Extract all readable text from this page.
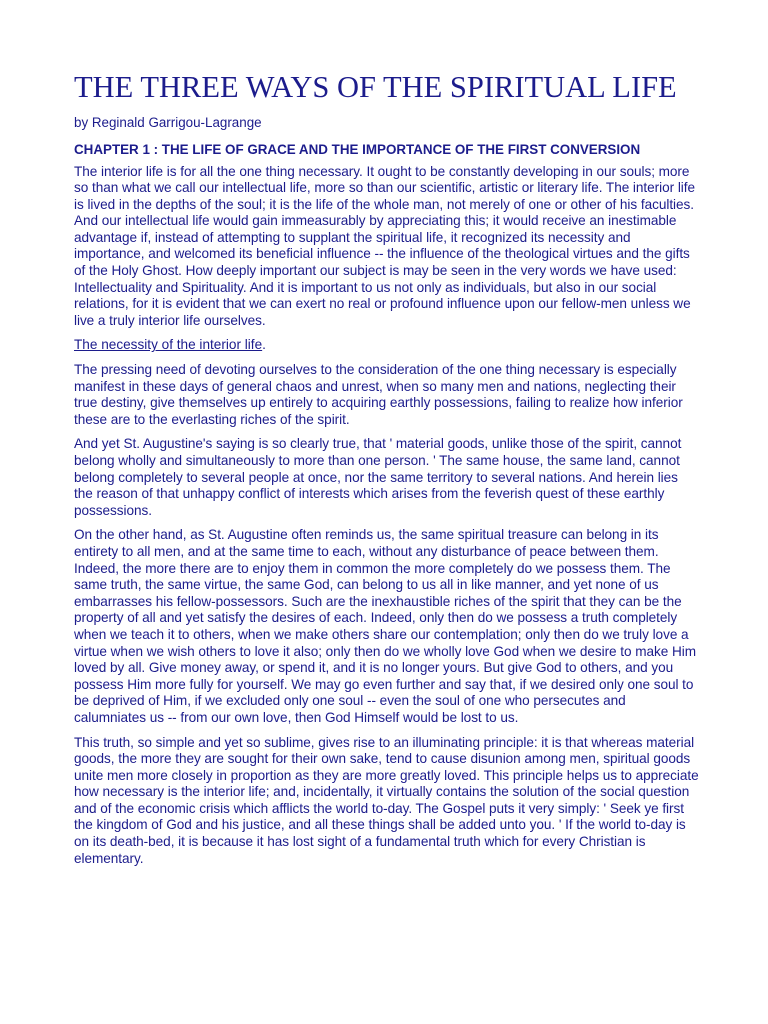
THE THREE WAYS OF THE SPIRITUAL LIFE

by Reginald Garrigou-Lagrange

CHAPTER 1 : THE LIFE OF GRACE AND THE IMPORTANCE OF THE FIRST CONVERSION

The interior life is for all the one thing necessary. It ought to be constantly developing in our souls; more so than what we call our intellectual life, more so than our scientific, artistic or literary life. The interior life is lived in the depths of the soul; it is the life of the whole man, not merely of one or other of his faculties. And our intellectual life would gain immeasurably by appreciating this; it would receive an inestimable advantage if, instead of attempting to supplant the spiritual life, it recognized its necessity and importance, and welcomed its beneficial influence -- the influence of the theological virtues and the gifts of the Holy Ghost. How deeply important our subject is may be seen in the very words we have used: Intellectuality and Spirituality. And it is important to us not only as individuals, but also in our social relations, for it is evident that we can exert no real or profound influence upon our fellow-men unless we live a truly interior life ourselves.

The necessity of the interior life.

The pressing need of devoting ourselves to the consideration of the one thing necessary is especially manifest in these days of general chaos and unrest, when so many men and nations, neglecting their true destiny, give themselves up entirely to acquiring earthly possessions, failing to realize how inferior these are to the everlasting riches of the spirit.

And yet St. Augustine's saying is so clearly true, that ' material goods, unlike those of the spirit, cannot belong wholly and simultaneously to more than one person. ' The same house, the same land, cannot belong completely to several people at once, nor the same territory to several nations. And herein lies the reason of that unhappy conflict of interests which arises from the feverish quest of these earthly possessions.

On the other hand, as St. Augustine often reminds us, the same spiritual treasure can belong in its entirety to all men, and at the same time to each, without any disturbance of peace between them. Indeed, the more there are to enjoy them in common the more completely do we possess them. The same truth, the same virtue, the same God, can belong to us all in like manner, and yet none of us embarrasses his fellow-possessors. Such are the inexhaustible riches of the spirit that they can be the property of all and yet satisfy the desires of each. Indeed, only then do we possess a truth completely when we teach it to others, when we make others share our contemplation; only then do we truly love a virtue when we wish others to love it also; only then do we wholly love God when we desire to make Him loved by all. Give money away, or spend it, and it is no longer yours. But give God to others, and you possess Him more fully for yourself. We may go even further and say that, if we desired only one soul to be deprived of Him, if we excluded only one soul -- even the soul of one who persecutes and calumniates us -- from our own love, then God Himself would be lost to us.

This truth, so simple and yet so sublime, gives rise to an illuminating principle: it is that whereas material goods, the more they are sought for their own sake, tend to cause disunion among men, spiritual goods unite men more closely in proportion as they are more greatly loved. This principle helps us to appreciate how necessary is the interior life; and, incidentally, it virtually contains the solution of the social question and of the economic crisis which afflicts the world to-day. The Gospel puts it very simply: ' Seek ye first the kingdom of God and his justice, and all these things shall be added unto you. ' If the world to-day is on its death-bed, it is because it has lost sight of a fundamental truth which for every Christian is elementary.
